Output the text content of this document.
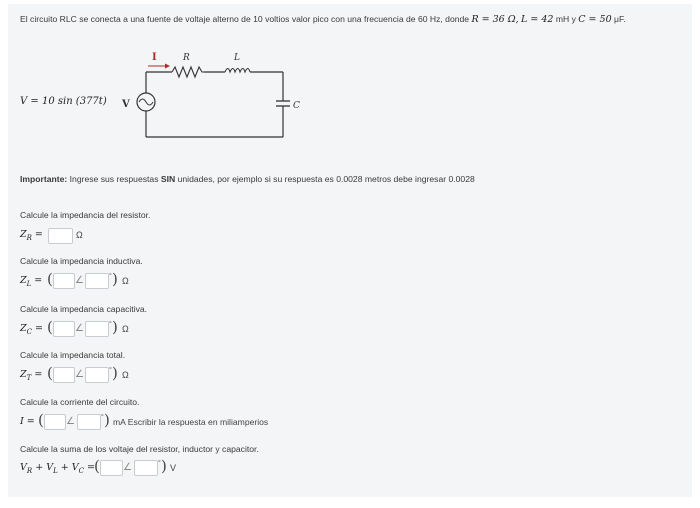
El circuito RLC se conecta a una fuente de voltaje alterno de 10 voltios valor pico con una frecuencia de 60 Hz, donde R = 36 Ω, L = 42 mH y C = 50 μF.
V = 10 sin (377t) V
I	R	L
C
Importante: Ingrese sus respuestas SIN unidades, por ejemplo si su respuesta es 0.0028 metros debe ingresar 0.0028
Calcule la impedancia del resistor.
$Z_R$ =	Ω
Calcule la impedancia inductiva.
$Z_L$ = ( ∠	° ) Ω
Calcule la impedancia capacitiva.
$Z_C$ = ( ∠	° ) Ω
Calcule la impedancia total.
$Z_T$ = ( ∠	° ) Ω
Calcule la corriente del circuito.
I = ( ∠	° ) mA Escribir la respuesta en miliamperios
Calcule la suma de los voltaje del resistor, inductor y capacitor.
$V_R + V_L + V_C$ = ( ∠	° ) V
